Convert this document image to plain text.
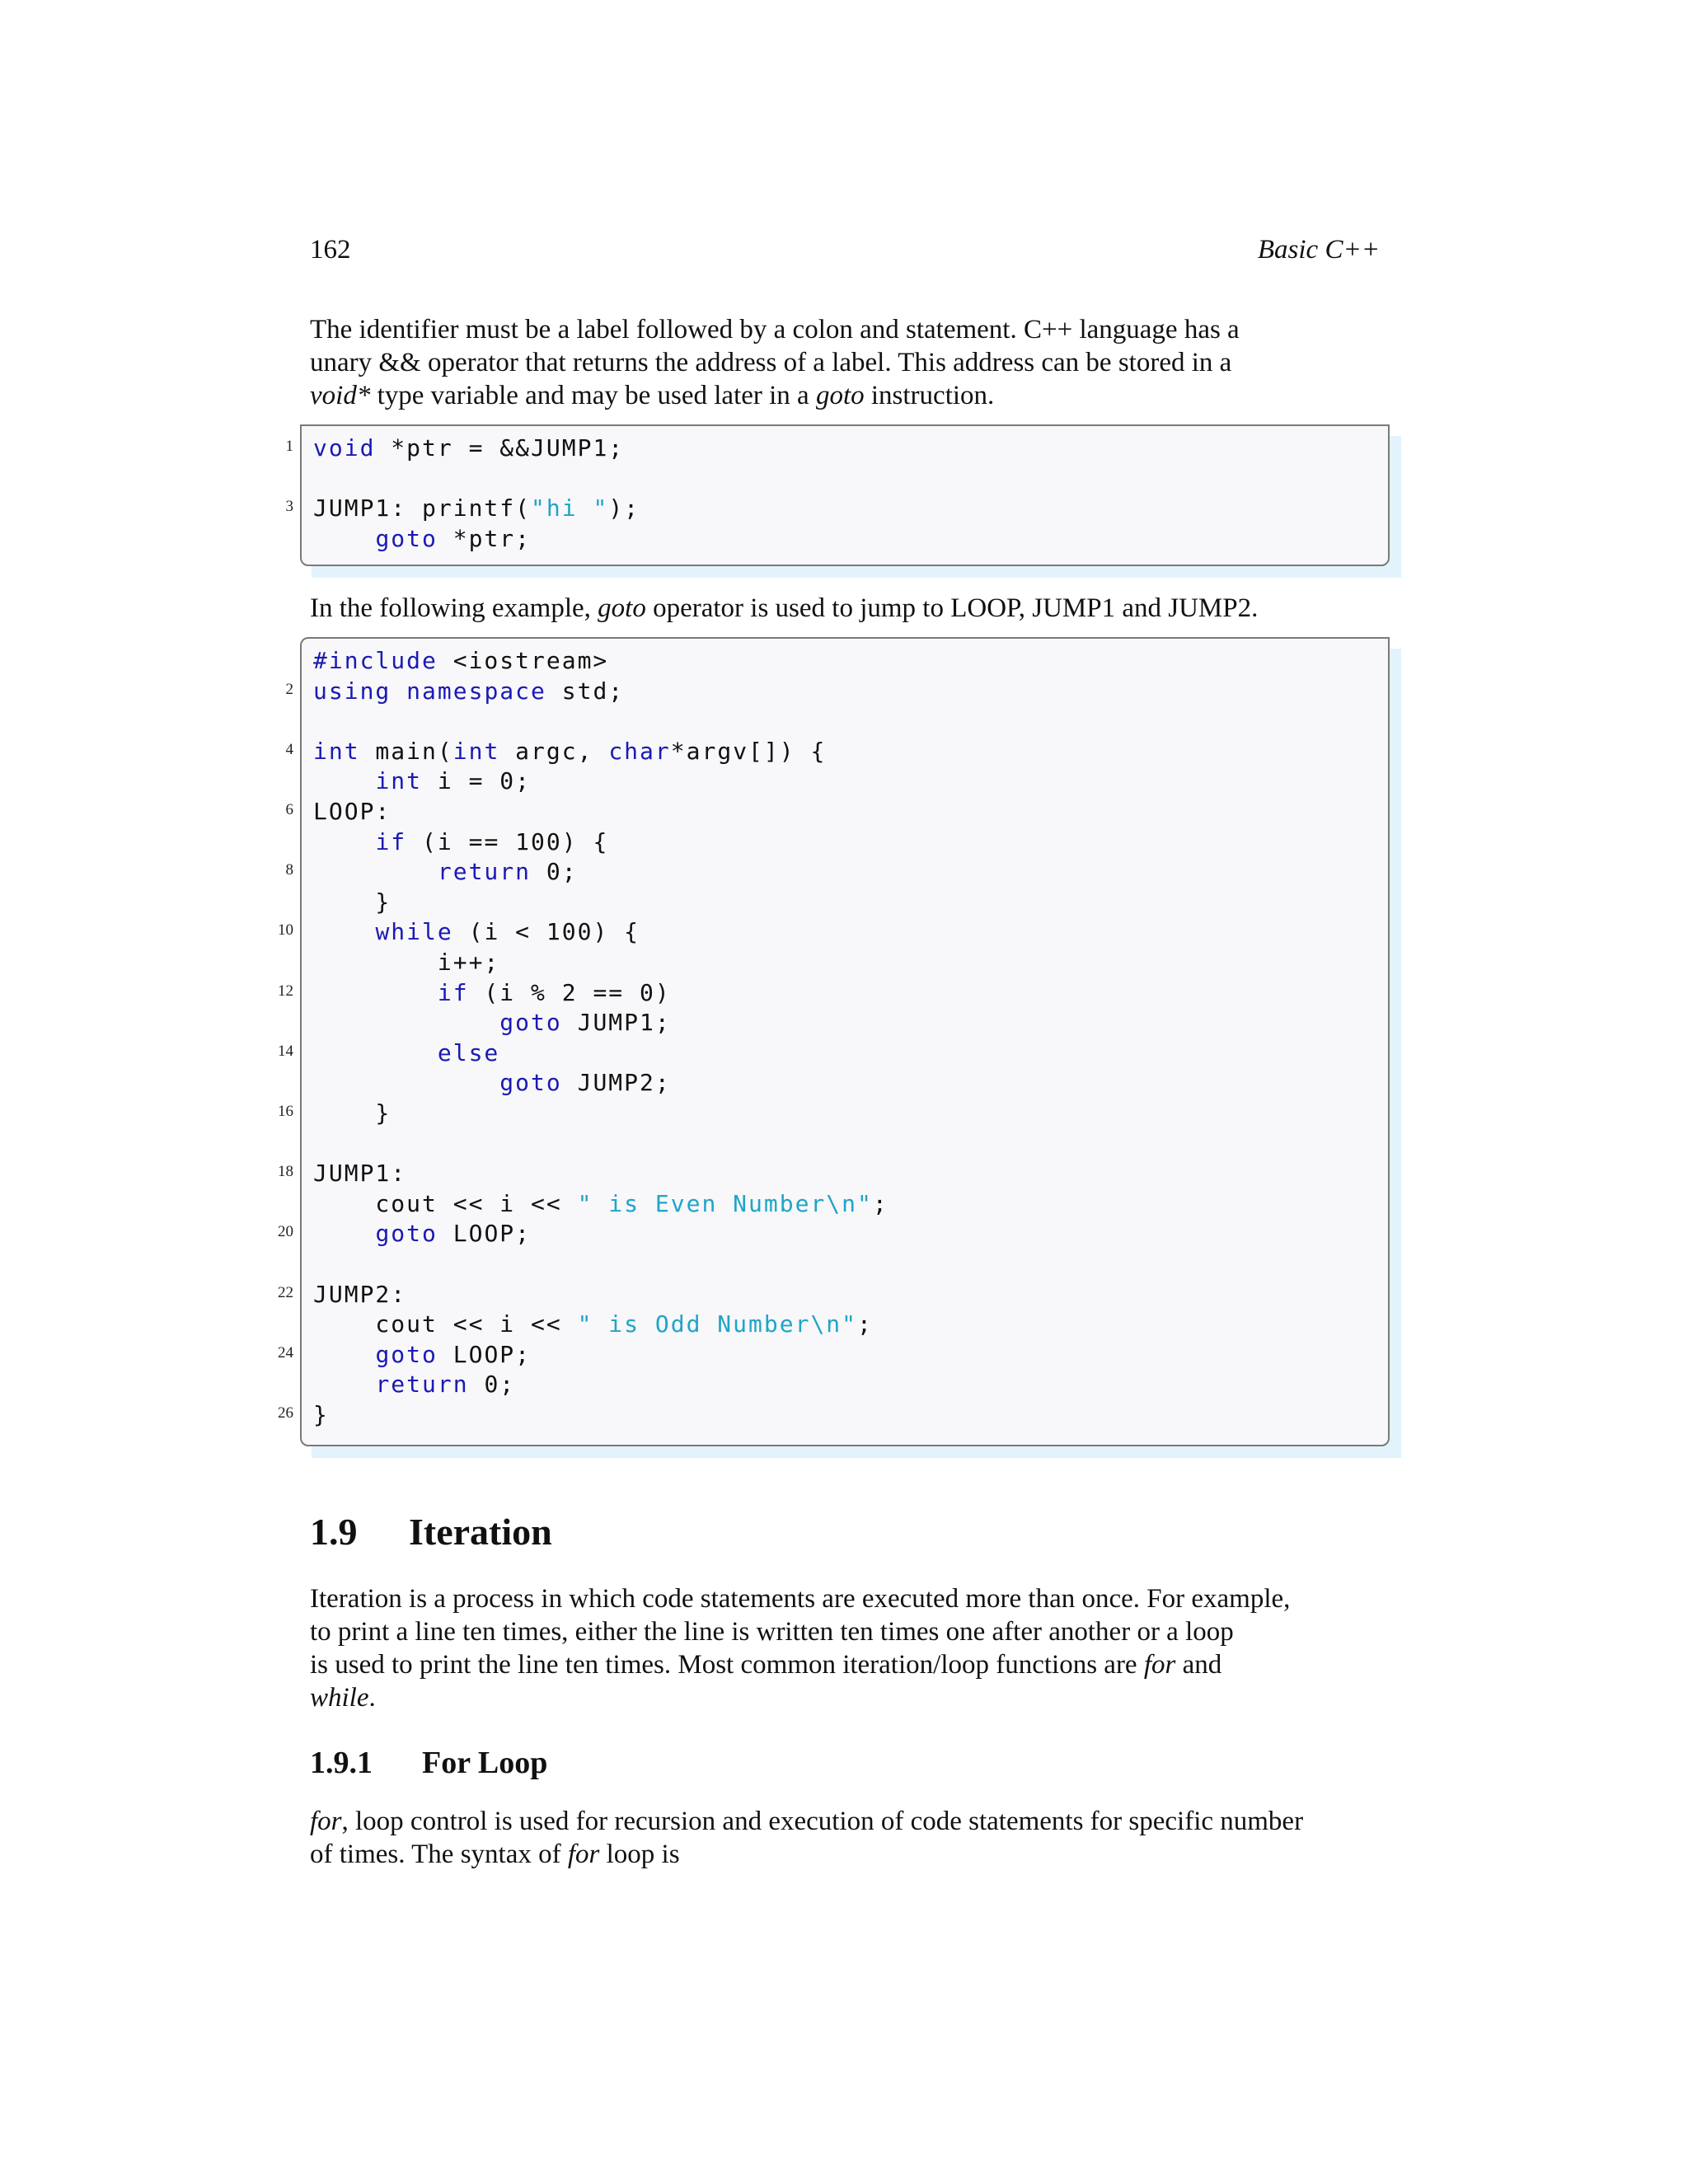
162	Basic C++

The identifier must be a label followed by a colon and statement. C++ language has a

unary && operator that returns the address of a label. This address can be stored in a

void* type variable and may be used later in a goto instruction.

1 void *ptr = &&JUMP1;
3 JUMP1: printf("hi ");
goto *ptr;

In the following example, goto operator is used to jump to LOOP, JUMP1 and JUMP2.

#include <iostream>
2 using namespace std;
4 int main(int argc, char*argv[]) {
int i = 0;
6 LOOP:
if (i == 100) {
8	return 0;
}
10	while (i < 100) {
i++;
12	if (i % 2 == 0)
goto JUMP1;
14	else
goto JUMP2;
16 }
18 JUMP1:
cout << i << " is Even Number\n";
20	goto LOOP;
22 JUMP2:
cout << i << " is Odd Number\n";
24	goto LOOP;
return 0;
26 }
1.9 Iteration

Iteration is a process in which code statements are executed more than once. For example,

to print a line ten times, either the line is written ten times one after another or a loop

is used to print the line ten times. Most common iteration/loop functions are for and

while.

1.9.1 For Loop

for, loop control is used for recursion and execution of code statements for specific number

of times. The syntax of for loop is
